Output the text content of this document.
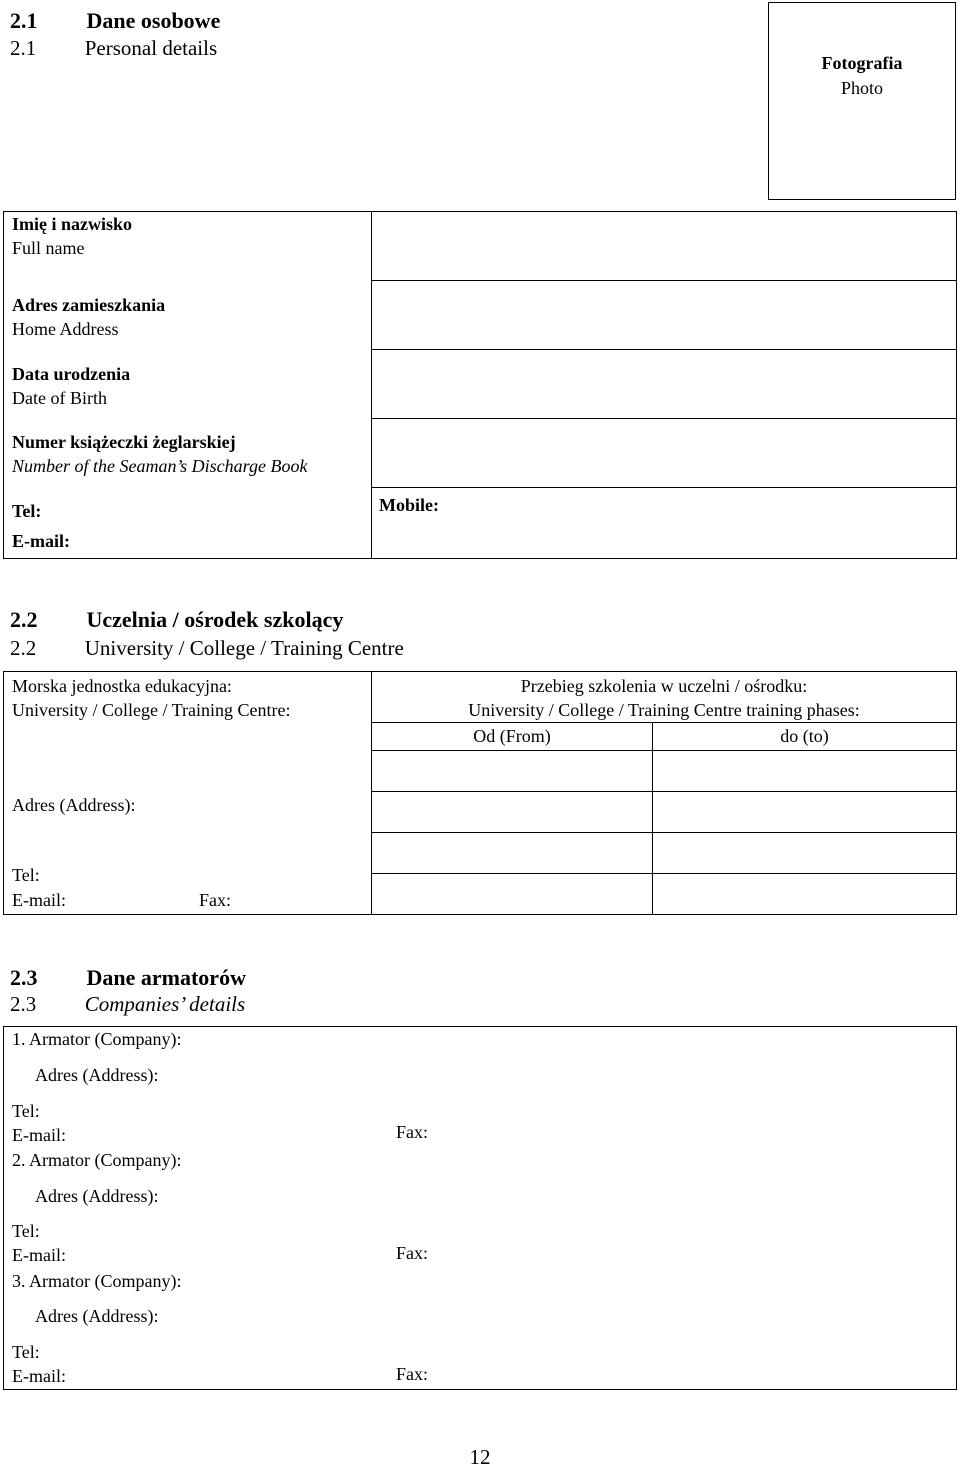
2.1 Dane osobowe
2.1 Personal details
Fotografia
Photo
Imię i nazwisko
Full name
Adres zamieszkania
Home Address
Data urodzenia
Date of Birth
Numer książeczki żeglarskiej
Number of the Seaman’s Discharge Book
Tel:
E-mail:
Mobile:
2.2 Uczelnia / ośrodek szkolący
2.2 University / College / Training Centre
Morska jednostka edukacyjna:
University / College / Training Centre:
Przebieg szkolenia w uczelni / ośrodku:
University / College / Training Centre training phases:
Od (From)	do (to)
Adres (Address):
Tel:
E-mail:	Fax:
2.3 Dane armatorów
2.3 Companies’ details
1. Armator (Company):
Adres (Address):
Tel:
E-mail:	Fax:
2. Armator (Company):
Adres (Address):
Tel:
E-mail:	Fax:
3. Armator (Company):
Adres (Address):
Tel:
E-mail:	Fax:
12
